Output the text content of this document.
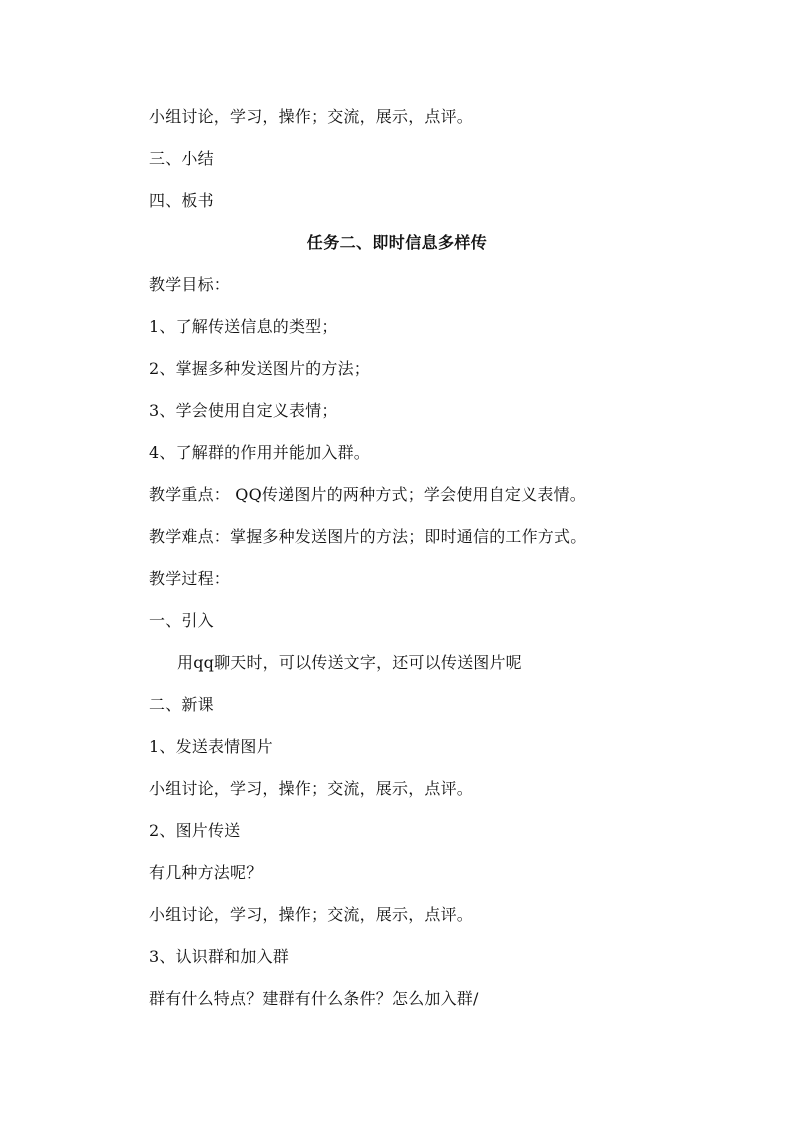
小组讨论，学习，操作；交流，展示，点评。
三、小结
四、板书
任务二、即时信息多样传
教学目标：
1、了解传送信息的类型；
2、掌握多种发送图片的方法；
3、学会使用自定义表情；
4、了解群的作用并能加入群。
教学重点： QQ传递图片的两种方式；学会使用自定义表情。
教学难点：掌握多种发送图片的方法；即时通信的工作方式。
教学过程：
一、引入
用qq聊天时，可以传送文字，还可以传送图片呢
二、新课
1、发送表情图片
小组讨论，学习，操作；交流，展示，点评。
2、图片传送
有几种方法呢？
小组讨论，学习，操作；交流，展示，点评。
3、认识群和加入群
群有什么特点？建群有什么条件？怎么加入群/
